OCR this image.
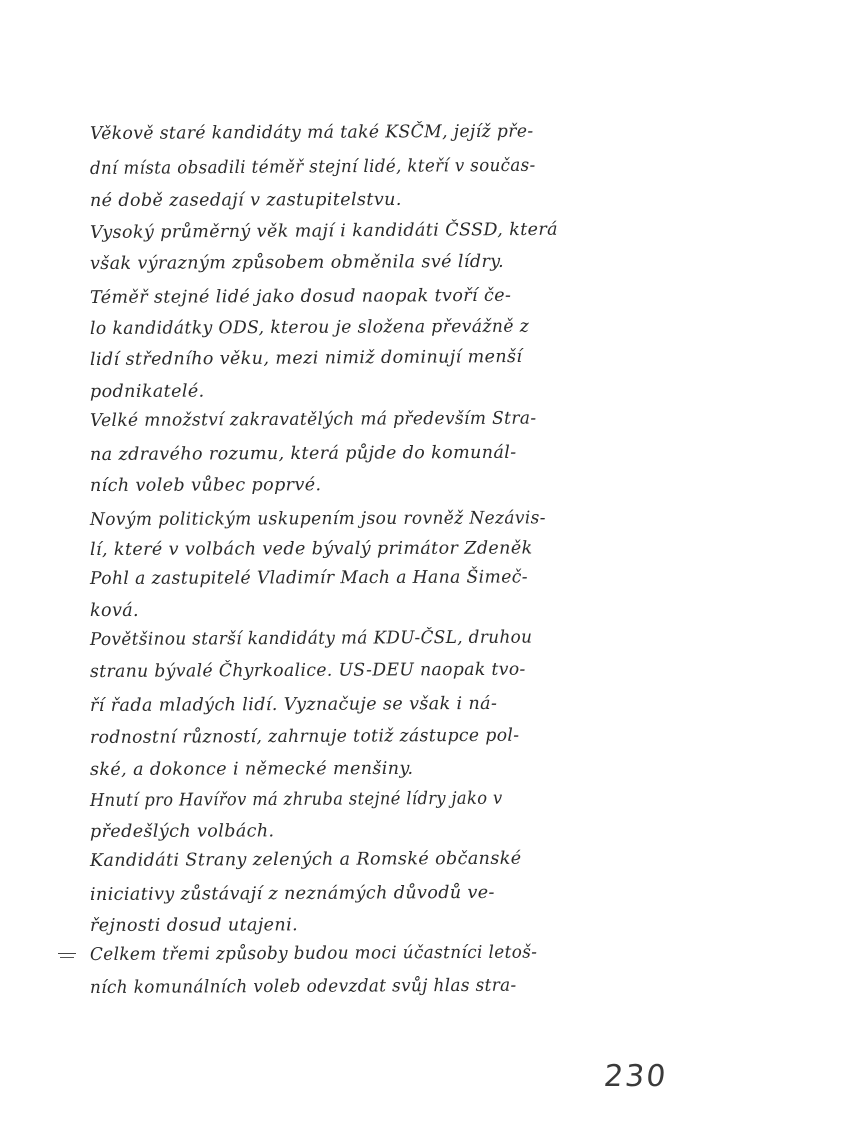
Věkově staré kandidáty má také KSČM, jejíž pře-
dní místa obsadili téměř stejní lidé, kteří v součas-
né době zasedají v zastupitelstvu.
Vysoký průměrný věk mají i kandidáti ČSSD, která
však výrazným způsobem obměnila své lídry.
Téměř stejné lidé jako dosud naopak tvoří če-
lo kandidátky ODS, kterou je složena převážně z
lidí středního věku, mezi nimiž dominují menší
podnikatelé.
Velké množství zakravatělých má především Stra-
na zdravého rozumu, která půjde do komunál-
ních voleb vůbec poprvé.
Novým politickým uskupením jsou rovněž Nezávis-
lí, které v volbách vede bývalý primátor Zdeněk
Pohl a zastupitelé Vladimír Mach a Hana Šimeč-
ková.
Povětšinou starší kandidáty má KDU-ČSL, druhou
stranu bývalé Čhyrkoalice. US-DEU naopak tvo-
ří řada mladých lidí. Vyznačuje se však i ná-
rodnostní růzností, zahrnuje totiž zástupce pol-
ské, a dokonce i německé menšiny.
Hnutí pro Havířov má zhruba stejné lídry jako v
předešlých volbách.
Kandidáti Strany zelených a Romské občanské
iniciativy zůstávají z neznámých důvodů ve-
řejnosti dosud utajeni.
Celkem třemi způsoby budou moci účastníci letoš-
ních komunálních voleb odevzdat svůj hlas stra-
230
